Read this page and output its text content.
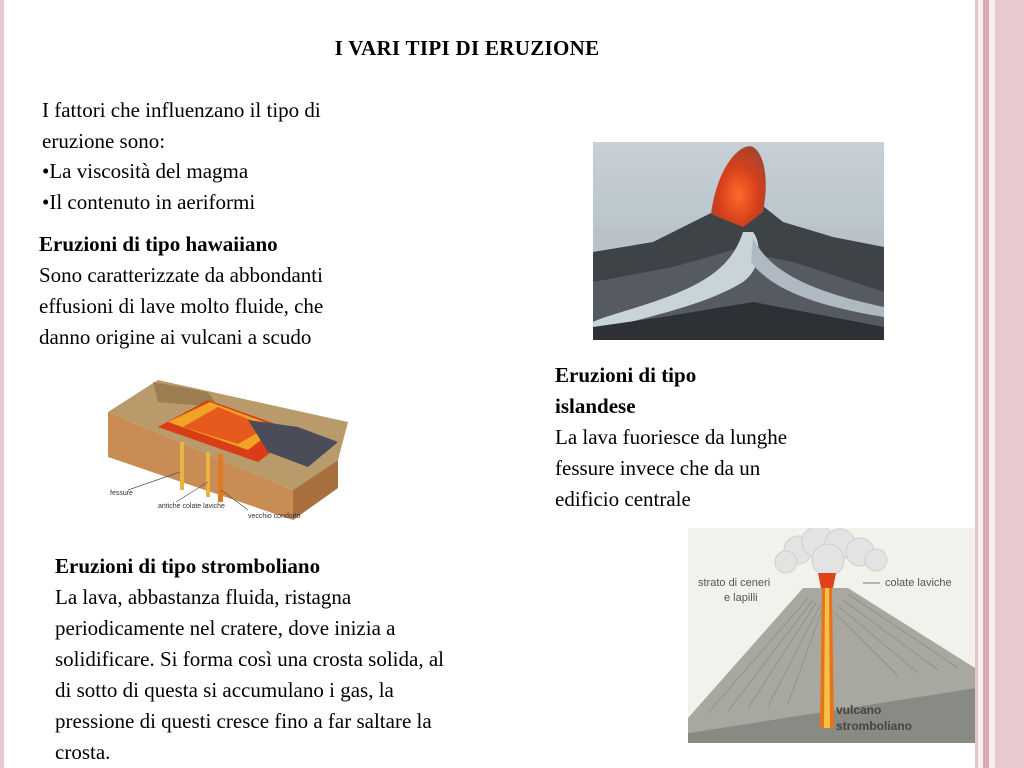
I VARI TIPI DI ERUZIONE

I fattori che influenzano il tipo di

eruzione sono:

•La viscosità del magma

•Il contenuto in aeriformi

Eruzioni di tipo hawaiiano

Sono caratterizzate da abbondanti

effusioni di lave molto fluide, che

danno origine ai vulcani a scudo

Eruzioni di tipo

islandese

La lava fuoriesce da lunghe

fessure invece che da un

edificio centrale

Eruzioni di tipo stromboliano

La lava, abbastanza fluida, ristagna

periodicamente nel cratere, dove inizia a

solidificare. Si forma così una crosta solida, al

di sotto di questa si accumulano i gas, la

pressione di questi cresce fino a far saltare la

crosta.

fessure
antiche colate laviche
vecchio condotto
strato di ceneri
e lapilli
colate laviche
vulcano
stromboliano
